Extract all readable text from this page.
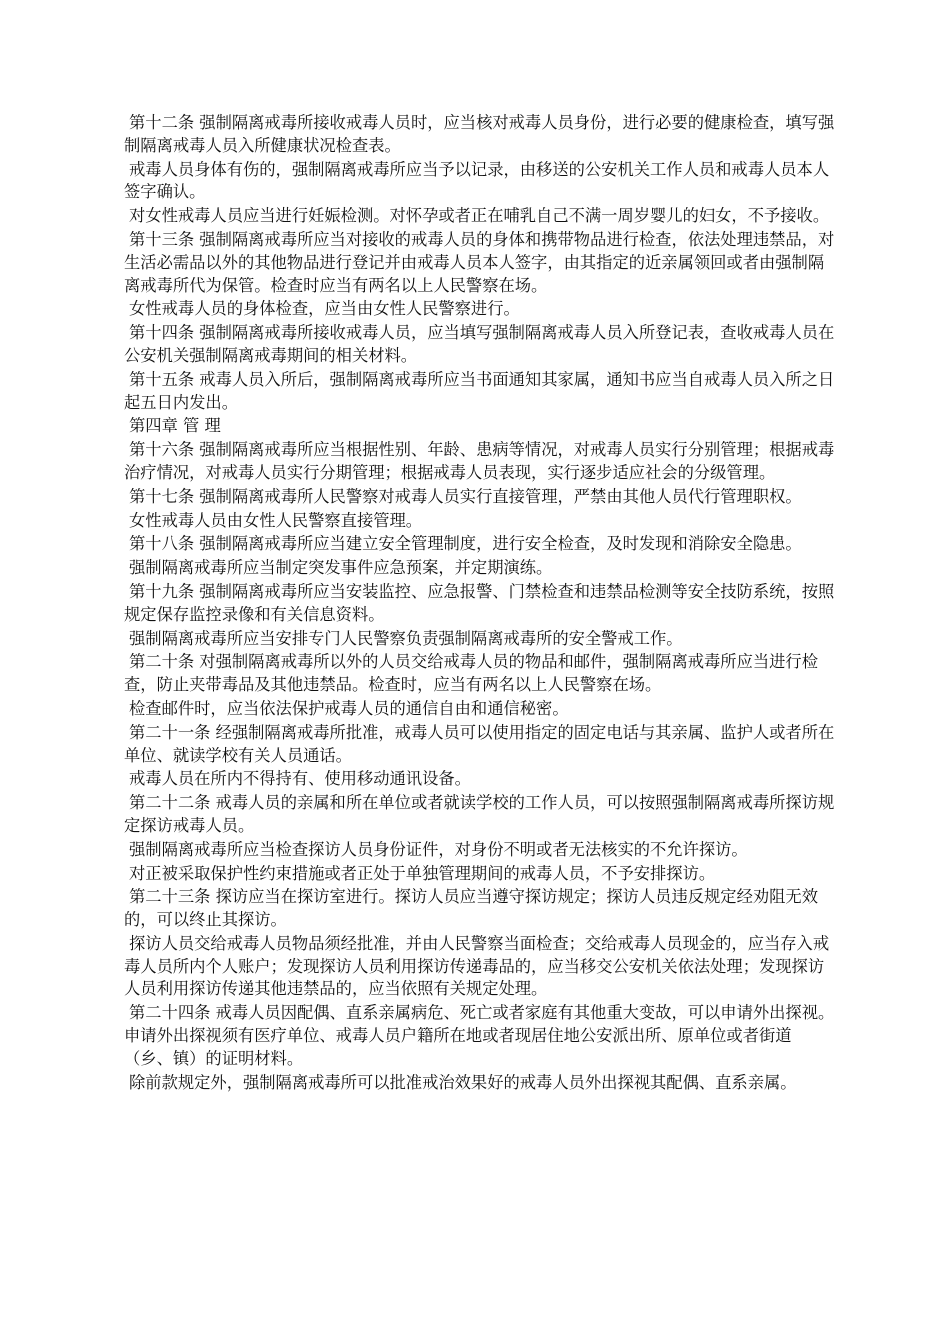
第十二条 强制隔离戒毒所接收戒毒人员时，应当核对戒毒人员身份，进行必要的健康检查，填写强制隔离戒毒人员入所健康状况检查表。

戒毒人员身体有伤的，强制隔离戒毒所应当予以记录，由移送的公安机关工作人员和戒毒人员本人签字确认。

对女性戒毒人员应当进行妊娠检测。对怀孕或者正在哺乳自己不满一周岁婴儿的妇女，不予接收。

第十三条 强制隔离戒毒所应当对接收的戒毒人员的身体和携带物品进行检查，依法处理违禁品，对生活必需品以外的其他物品进行登记并由戒毒人员本人签字，由其指定的近亲属领回或者由强制隔离戒毒所代为保管。检查时应当有两名以上人民警察在场。

女性戒毒人员的身体检查，应当由女性人民警察进行。

第十四条 强制隔离戒毒所接收戒毒人员，应当填写强制隔离戒毒人员入所登记表，查收戒毒人员在公安机关强制隔离戒毒期间的相关材料。

第十五条 戒毒人员入所后，强制隔离戒毒所应当书面通知其家属，通知书应当自戒毒人员入所之日起五日内发出。

第四章 管 理

第十六条 强制隔离戒毒所应当根据性别、年龄、患病等情况，对戒毒人员实行分别管理；根据戒毒治疗情况，对戒毒人员实行分期管理；根据戒毒人员表现，实行逐步适应社会的分级管理。

第十七条 强制隔离戒毒所人民警察对戒毒人员实行直接管理，严禁由其他人员代行管理职权。

女性戒毒人员由女性人民警察直接管理。

第十八条 强制隔离戒毒所应当建立安全管理制度，进行安全检查，及时发现和消除安全隐患。

强制隔离戒毒所应当制定突发事件应急预案，并定期演练。

第十九条 强制隔离戒毒所应当安装监控、应急报警、门禁检查和违禁品检测等安全技防系统，按照规定保存监控录像和有关信息资料。

强制隔离戒毒所应当安排专门人民警察负责强制隔离戒毒所的安全警戒工作。

第二十条 对强制隔离戒毒所以外的人员交给戒毒人员的物品和邮件，强制隔离戒毒所应当进行检查，防止夹带毒品及其他违禁品。检查时，应当有两名以上人民警察在场。

检查邮件时，应当依法保护戒毒人员的通信自由和通信秘密。

第二十一条 经强制隔离戒毒所批准，戒毒人员可以使用指定的固定电话与其亲属、监护人或者所在单位、就读学校有关人员通话。

戒毒人员在所内不得持有、使用移动通讯设备。

第二十二条 戒毒人员的亲属和所在单位或者就读学校的工作人员，可以按照强制隔离戒毒所探访规定探访戒毒人员。

强制隔离戒毒所应当检查探访人员身份证件，对身份不明或者无法核实的不允许探访。

对正被采取保护性约束措施或者正处于单独管理期间的戒毒人员，不予安排探访。

第二十三条 探访应当在探访室进行。探访人员应当遵守探访规定；探访人员违反规定经劝阻无效的，可以终止其探访。

探访人员交给戒毒人员物品须经批准，并由人民警察当面检查；交给戒毒人员现金的，应当存入戒毒人员所内个人账户；发现探访人员利用探访传递毒品的，应当移交公安机关依法处理；发现探访人员利用探访传递其他违禁品的，应当依照有关规定处理。

第二十四条 戒毒人员因配偶、直系亲属病危、死亡或者家庭有其他重大变故，可以申请外出探视。申请外出探视须有医疗单位、戒毒人员户籍所在地或者现居住地公安派出所、原单位或者街道（乡、镇）的证明材料。

除前款规定外，强制隔离戒毒所可以批准戒治效果好的戒毒人员外出探视其配偶、直系亲属。
